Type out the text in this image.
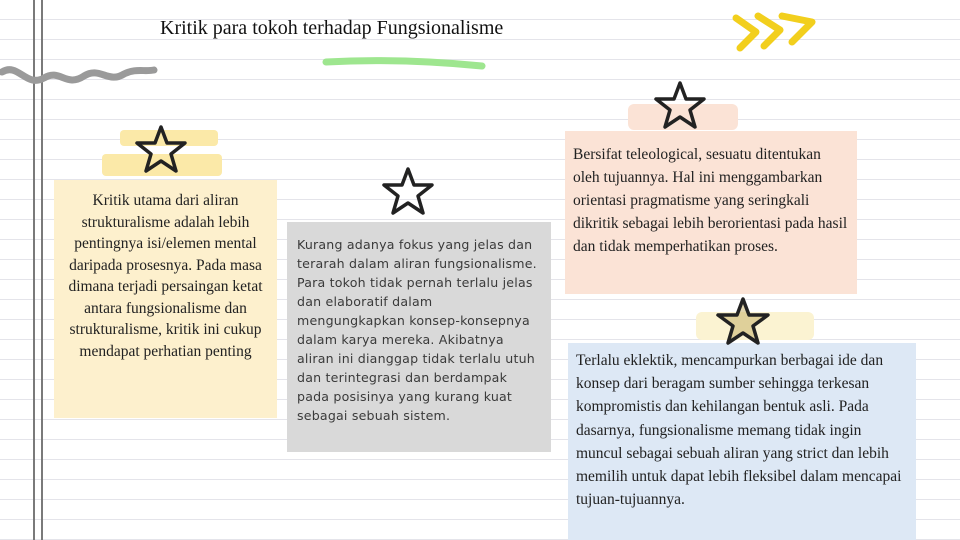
Kritik para tokoh terhadap Fungsionalisme

Kritik utama dari aliran strukturalisme adalah lebih pentingnya isi/elemen mental daripada prosesnya. Pada masa dimana terjadi persaingan ketat antara fungsionalisme dan strukturalisme, kritik ini cukup mendapat perhatian penting

Kurang adanya fokus yang jelas dan terarah dalam aliran fungsionalisme. Para tokoh tidak pernah terlalu jelas dan elaboratif dalam mengungkapkan konsep-konsepnya dalam karya mereka. Akibatnya aliran ini dianggap tidak terlalu utuh dan terintegrasi dan berdampak pada posisinya yang kurang kuat sebagai sebuah sistem.

Bersifat teleological, sesuatu ditentukan oleh tujuannya. Hal ini menggambarkan orientasi pragmatisme yang seringkali dikritik sebagai lebih berorientasi pada hasil dan tidak memperhatikan proses.

Terlalu eklektik, mencampurkan berbagai ide dan konsep dari beragam sumber sehingga terkesan kompromistis dan kehilangan bentuk asli. Pada dasarnya, fungsionalisme memang tidak ingin muncul sebagai sebuah aliran yang strict dan lebih memilih untuk dapat lebih fleksibel dalam mencapai tujuan-tujuannya.
